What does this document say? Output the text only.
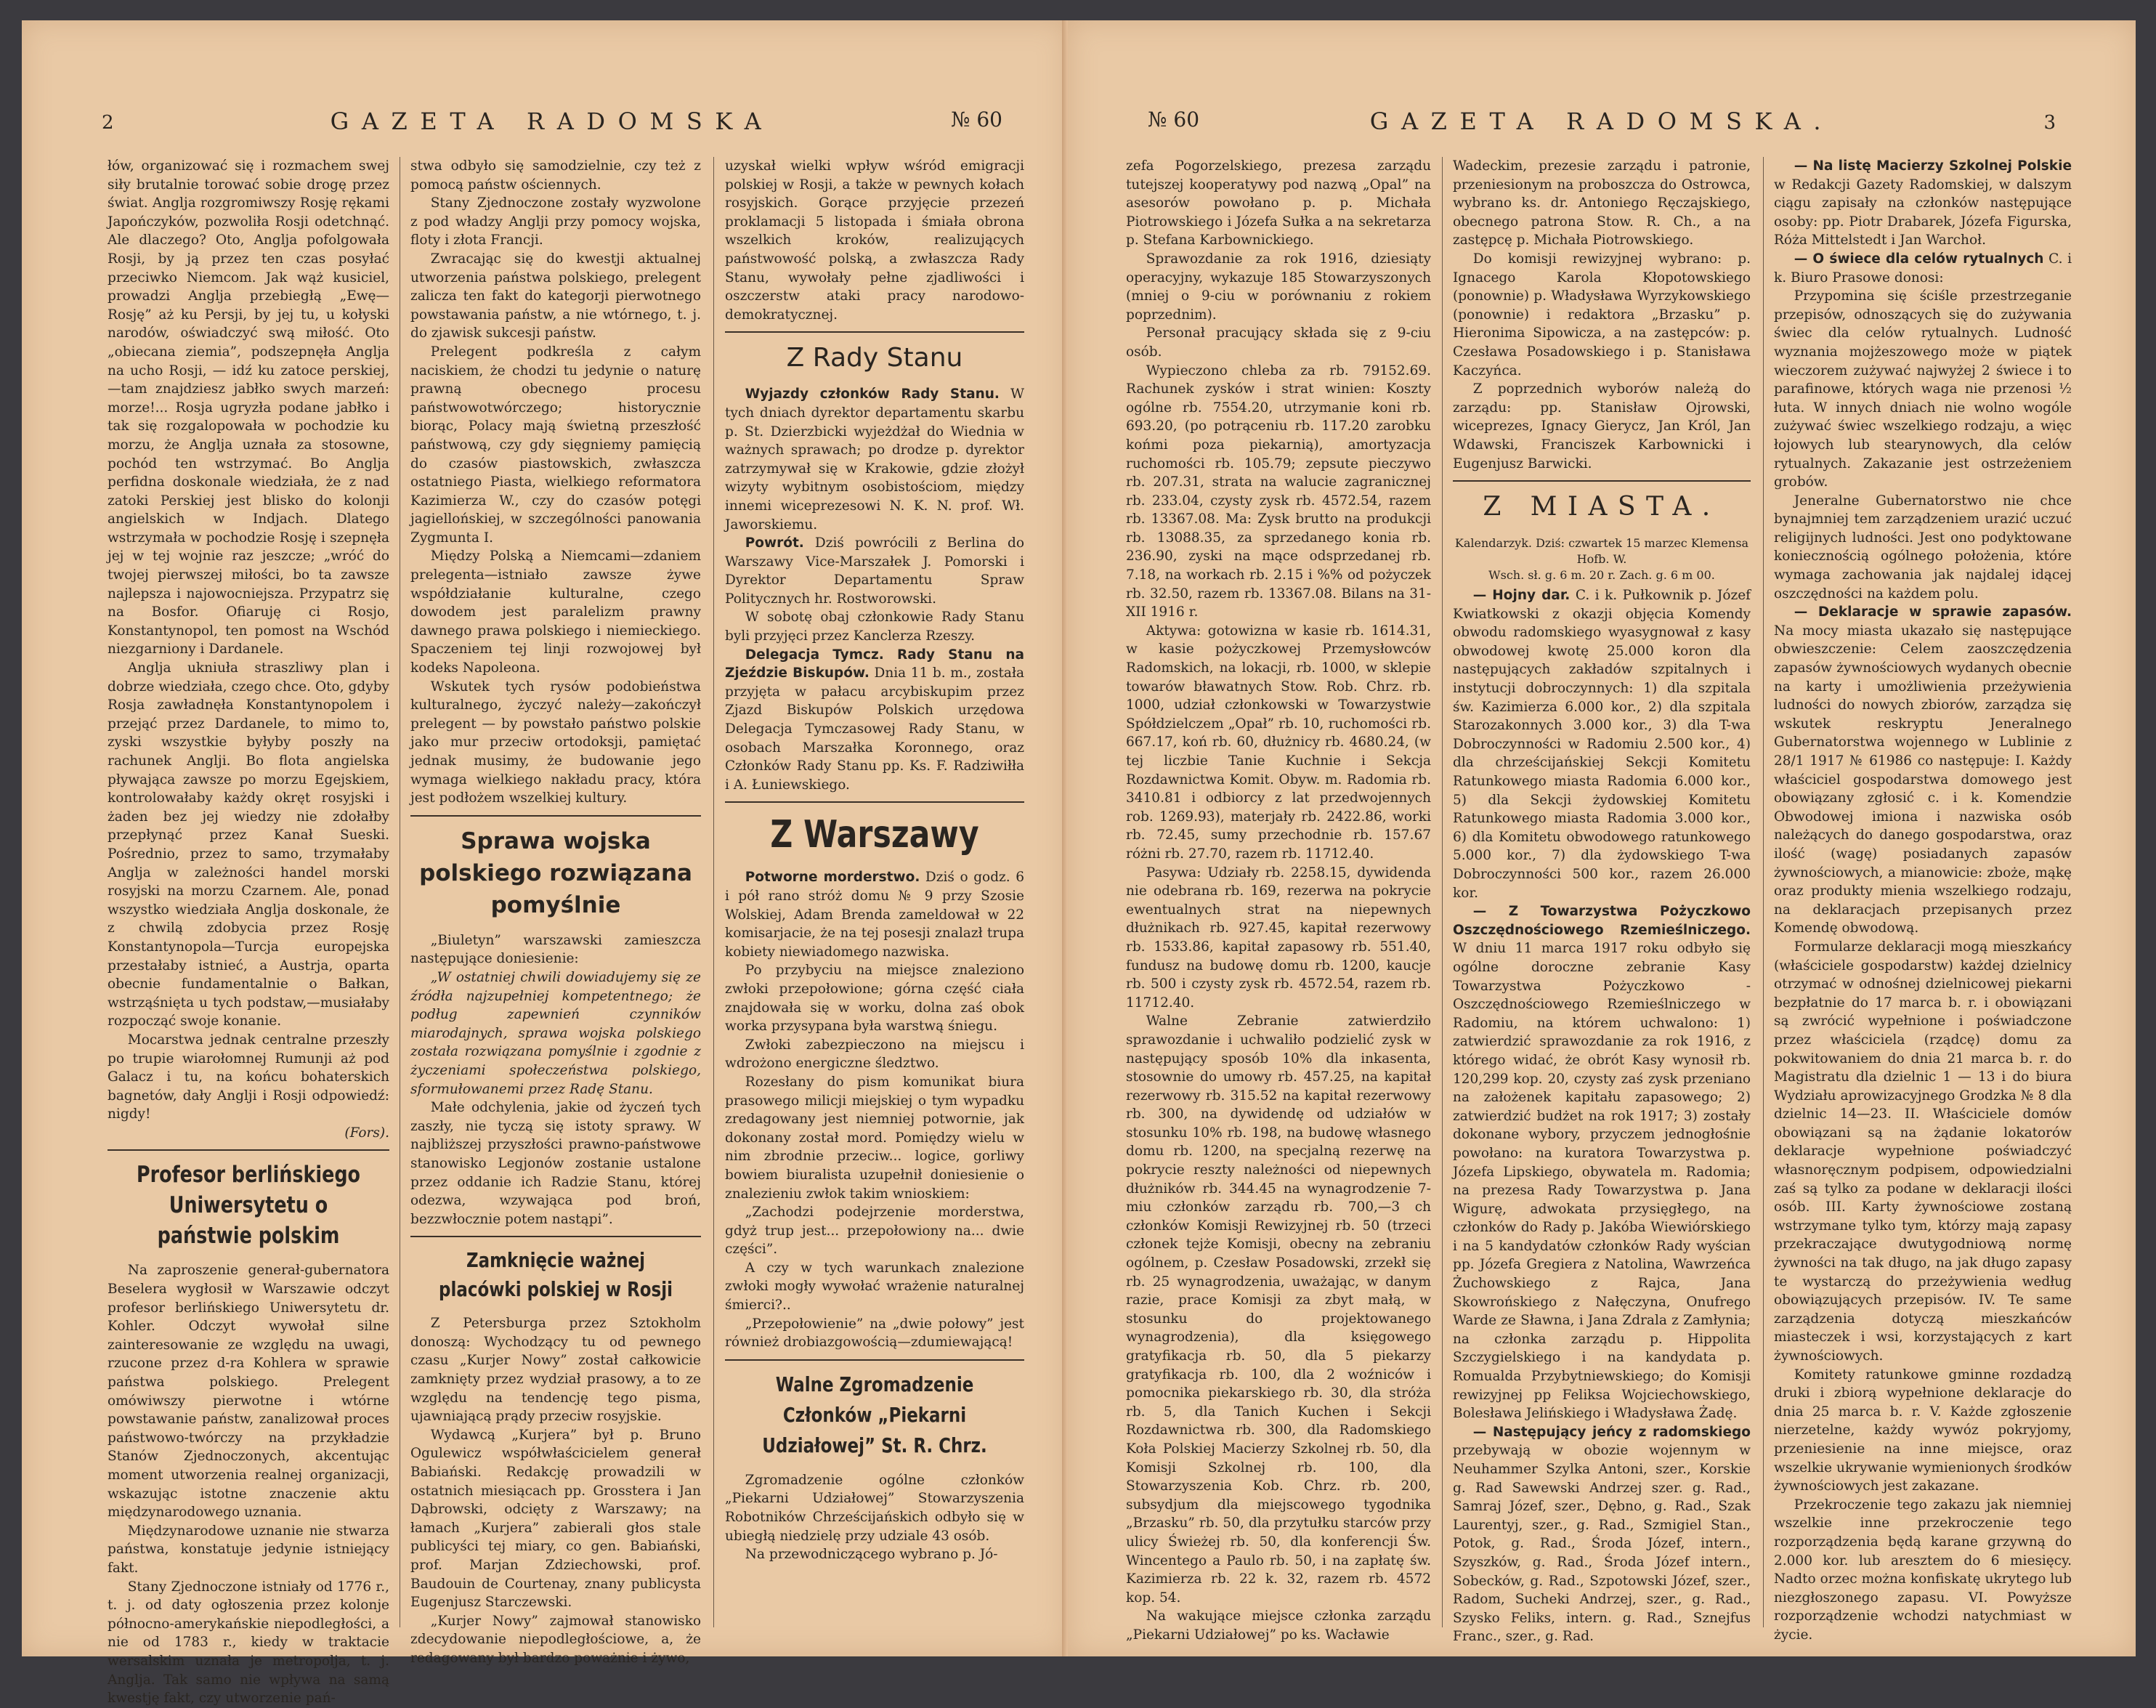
2	GAZETA RADOMSKA	№ 60

łów, organizować się i rozmachem swej siły brutalnie torować sobie drogę przez świat. Anglja rozgromiwszy Rosję rękami Japończyków, pozwoliła Rosji odetchnąć. Ale dlaczego? Oto, Anglja pofolgowała Rosji, by ją przez ten czas posyłać przeciwko Niemcom. Jak wąż kusiciel, prowadzi Anglja przebiegłą „Ewę—Rosję” aż ku Persji, by jej tu, u kołyski narodów, oświadczyć swą miłość. Oto „obiecana ziemia”, podszepnęła Anglja na ucho Rosji, — idź ku zatoce perskiej,—tam znajdziesz jabłko swych marzeń: morze!... Rosja ugryzła podane jabłko i tak się rozgalopowała w pochodzie ku morzu, że Anglja uznała za stosowne, pochód ten wstrzymać. Bo Anglja perfidna doskonale wiedziała, że z nad zatoki Perskiej jest blisko do kolonji angielskich w Indjach. Dlatego wstrzymała w pochodzie Rosję i szepnęła jej w tej wojnie raz jeszcze; „wróć do twojej pierwszej miłości, bo ta zawsze najlepsza i najowocniejsza. Przypatrz się na Bosfor. Ofiaruję ci Rosjo, Konstantynopol, ten pomost na Wschód niezgarniony i Dardanele.

Anglja ukniuła straszliwy plan i dobrze wiedziała, czego chce. Oto, gdyby Rosja zawładnęła Konstantynopolem i przejąć przez Dardanele, to mimo to, zyski wszystkie byłyby poszły na rachunek Anglji. Bo flota angielska pływająca zawsze po morzu Egejskiem, kontrolowałaby każdy okręt rosyjski i żaden bez jej wiedzy nie zdołałby przepłynąć przez Kanał Sueski. Pośrednio, przez to samo, trzymałaby Anglja w zależności handel morski rosyjski na morzu Czarnem. Ale, ponad wszystko wiedziała Anglja doskonale, że z chwilą zdobycia przez Rosję Konstantynopola—Turcja europejska przestałaby istnieć, a Austrja, oparta obecnie fundamentalnie o Bałkan, wstrząśnięta u tych podstaw,—musiałaby rozpocząć swoje konanie.

Mocarstwa jednak centralne przeszły po trupie wiarołomnej Rumunji aż pod Galacz i tu, na końcu bohaterskich bagnetów, dały Anglji i Rosji odpowiedź: nigdy!

(Fors).
Profesor berlińskiego Uniwersytetu o państwie polskim

Na zaproszenie generał-gubernatora Beselera wygłosił w Warszawie odczyt profesor berlińskiego Uniwersytetu dr. Kohler. Odczyt wywołał silne zainteresowanie ze względu na uwagi, rzucone przez d-ra Kohlera w sprawie państwa polskiego. Prelegent omówiwszy pierwotne i wtórne powstawanie państw, zanalizował proces państwowo-twórczy na przykładzie Stanów Zjednoczonych, akcentując moment utworzenia realnej organizacji, wskazując istotne znaczenie aktu międzynarodowego uznania.

Międzynarodowe uznanie nie stwarza państwa, konstatuje jedynie istniejący fakt.

Stany Zjednoczone istniały od 1776 r., t. j. od daty ogłoszenia przez kolonje północno-amerykańskie niepodległości, a nie od 1783 r., kiedy w traktacie wersalskim uznała je metropolja, t. j. Anglja. Tak samo nie wpływa na samą kwestję fakt, czy utworzenie pań-

stwa odbyło się samodzielnie, czy też z pomocą państw ościennych.

Stany Zjednoczone zostały wyzwolone z pod władzy Anglji przy pomocy wojska, floty i złota Francji.

Zwracając się do kwestji aktualnej utworzenia państwa polskiego, prelegent zalicza ten fakt do kategorji pierwotnego powstawania państw, a nie wtórnego, t. j. do zjawisk sukcesji państw.

Prelegent podkreśla z całym naciskiem, że chodzi tu jedynie o naturę prawną obecnego procesu państwowotwórczego; historycznie biorąc, Polacy mają świetną przeszłość państwową, czy gdy sięgniemy pamięcią do czasów piastowskich, zwłaszcza ostatniego Piasta, wielkiego reformatora Kazimierza W., czy do czasów potęgi jagiellońskiej, w szczególności panowania Zygmunta I.

Między Polską a Niemcami—zdaniem prelegenta—istniało zawsze żywe współdziałanie kulturalne, czego dowodem jest paralelizm prawny dawnego prawa polskiego i niemieckiego. Spaczeniem tej linji rozwojowej był kodeks Napoleona.

Wskutek tych rysów podobieństwa kulturalnego, życzyć należy—zakończył prelegent — by powstało państwo polskie jako mur przeciw ortodoksji, pamiętać jednak musimy, że budowanie jego wymaga wielkiego nakładu pracy, która jest podłożem wszelkiej kultury.

Sprawa wojska polskiego rozwiązana pomyślnie

„Biuletyn” warszawski zamieszcza następujące doniesienie:

„W ostatniej chwili dowiadujemy się ze źródła najzupełniej kompetentnego; że podług zapewnień czynników miarodajnych, sprawa wojska polskiego została rozwiązana pomyślnie i zgodnie z życzeniami społeczeństwa polskiego, sformułowanemi przez Radę Stanu.

Małe odchylenia, jakie od życzeń tych zaszły, nie tyczą się istoty sprawy. W najbliższej przyszłości prawno-państwowe stanowisko Legjonów zostanie ustalone przez oddanie ich Radzie Stanu, której odezwa, wzywająca pod broń, bezzwłocznie potem nastąpi”.

Zamknięcie ważnej placówki polskiej w Rosji

Z Petersburga przez Sztokholm donoszą: Wychodzący tu od pewnego czasu „Kurjer Nowy” został całkowicie zamknięty przez wydział prasowy, a to ze względu na tendencję tego pisma, ujawniającą prądy przeciw rosyjskie.

Wydawcą „Kurjera” był p. Bruno Ogulewicz współwłaścicielem generał Babiański. Redakcję prowadzili w ostatnich miesiącach pp. Grosstera i Jan Dąbrowski, odcięty z Warszawy; na łamach „Kurjera” zabierali głos stale publicyści tej miary, co gen. Babiański, prof. Marjan Zdziechowski, prof. Baudouin de Courtenay, znany publicysta Eugenjusz Starczewski.

„Kurjer Nowy” zajmował stanowisko zdecydowanie niepodległościowe, a, że redagowany był bardzo poważnie i żywo,

uzyskał wielki wpływ wśród emigracji polskiej w Rosji, a także w pewnych kołach rosyjskich. Gorące przyjęcie przezeń proklamacji 5 listopada i śmiała obrona wszelkich kroków, realizujących państwowość polską, a zwłaszcza Rady Stanu, wywołały pełne zjadliwości i oszczerstw ataki pracy narodowo-demokratycznej.

Z Rady Stanu

Wyjazdy członków Rady Stanu. W tych dniach dyrektor departamentu skarbu p. St. Dzierzbicki wyjeżdżał do Wiednia w ważnych sprawach; po drodze p. dyrektor zatrzymywał się w Krakowie, gdzie złożył wizyty wybitnym osobistościom, między innemi wiceprezesowi N. K. N. prof. Wł. Jaworskiemu.

Powrót. Dziś powrócili z Berlina do Warszawy Vice-Marszałek J. Pomorski i Dyrektor Departamentu Spraw Politycznych hr. Rostworowski.

W sobotę obaj członkowie Rady Stanu byli przyjęci przez Kanclerza Rzeszy.

Delegacja Tymcz. Rady Stanu na Zjeździe Biskupów. Dnia 11 b. m., została przyjęta w pałacu arcybiskupim przez Zjazd Biskupów Polskich urzędowa Delegacja Tymczasowej Rady Stanu, w osobach Marszałka Koronnego, oraz Członków Rady Stanu pp. Ks. F. Radziwiłła i A. Łuniewskiego.

Z Warszawy

Potworne morderstwo. Dziś o godz. 6 i pół rano stróż domu № 9 przy Szosie Wolskiej, Adam Brenda zameldował w 22 komisarjacie, że na tej posesji znalazł trupa kobiety niewiadomego nazwiska.

Po przybyciu na miejsce znaleziono zwłoki przepołowione; górna część ciała znajdowała się w worku, dolna zaś obok worka przysypana była warstwą śniegu.

Zwłoki zabezpieczono na miejscu i wdrożono energiczne śledztwo.

Rozesłany do pism komunikat biura prasowego milicji miejskiej o tym wypadku zredagowany jest niemniej potwornie, jak dokonany został mord. Pomiędzy wielu w nim zbrodnie przeciw... logice, gorliwy bowiem biuralista uzupełnił doniesienie o znalezieniu zwłok takim wnioskiem:

„Zachodzi podejrzenie morderstwa, gdyż trup jest... przepołowiony na... dwie części”.

A czy w tych warunkach znalezione zwłoki mogły wywołać wrażenie naturalnej śmierci?..

„Przepołowienie” na „dwie połowy” jest również drobiazgowością—zdumiewającą!

Walne Zgromadzenie Członków „Piekarni Udziałowej” St. R. Chrz.

Zgromadzenie ogólne członków „Piekarni Udziałowej” Stowarzyszenia Robotników Chrześcijańskich odbyło się w ubiegłą niedzielę przy udziale 43 osób.

Na przewodniczącego wybrano p. Jó-

№ 60	GAZETA RADOMSKA.	3

zefa Pogorzelskiego, prezesa zarządu tutejszej kooperatywy pod nazwą „Opal” na asesorów powołano p. p. Michała Piotrowskiego i Józefa Sułka a na sekretarza p. Stefana Karbownickiego.

Sprawozdanie za rok 1916, dziesiąty operacyjny, wykazuje 185 Stowarzyszonych (mniej o 9-ciu w porównaniu z rokiem poprzednim).

Personał pracujący składa się z 9-ciu osób.

Wypieczono chleba za rb. 79152.69. Rachunek zysków i strat winien: Koszty ogólne rb. 7554.20, utrzymanie koni rb. 693.20, (po potrąceniu rb. 117.20 zarobku końmi poza piekarnią), amortyzacja ruchomości rb. 105.79; zepsute pieczywo rb. 207.31, strata na walucie zagranicznej rb. 233.04, czysty zysk rb. 4572.54, razem rb. 13367.08. Ma: Zysk brutto na produkcji rb. 13088.35, za sprzedanego konia rb. 236.90, zyski na mące odsprzedanej rb. 7.18, na workach rb. 2.15 i %% od pożyczek rb. 32.50, razem rb. 13367.08. Bilans na 31-XII 1916 r.

Aktywa: gotowizna w kasie rb. 1614.31, w kasie pożyczkowej Przemysłowców Radomskich, na lokacji, rb. 1000, w sklepie towarów bławatnych Stow. Rob. Chrz. rb. 1000, udział członkowski w Towarzystwie Spółdzielczem „Opał” rb. 10, ruchomości rb. 667.17, koń rb. 60, dłużnicy rb. 4680.24, (w tej liczbie Tanie Kuchnie i Sekcja Rozdawnictwa Komit. Obyw. m. Radomia rb. 3410.81 i odbiorcy z lat przedwojennych rob. 1269.93), materjały rb. 2422.86, worki rb. 72.45, sumy przechodnie rb. 157.67 różni rb. 27.70, razem rb. 11712.40.

Pasywa: Udziały rb. 2258.15, dywidenda nie odebrana rb. 169, rezerwa na pokrycie ewentualnych strat na niepewnych dłużnikach rb. 927.45, kapitał rezerwowy rb. 1533.86, kapitał zapasowy rb. 551.40, fundusz na budowę domu rb. 1200, kaucje rb. 500 i czysty zysk rb. 4572.54, razem rb. 11712.40.

Walne Zebranie zatwierdziło sprawozdanie i uchwaliło podzielić zysk w następujący sposób 10% dla inkasenta, stosownie do umowy rb. 457.25, na kapitał rezerwowy rb. 315.52 na kapitał rezerwowy rb. 300, na dywidendę od udziałów w stosunku 10% rb. 198, na budowę własnego domu rb. 1200, na specjalną rezerwę na pokrycie reszty należności od niepewnych dłużników rb. 344.45 na wynagrodzenie 7-miu członków zarządu rb. 700,—3 ch członków Komisji Rewizyjnej rb. 50 (trzeci członek tejże Komisji, obecny na zebraniu ogólnem, p. Czesław Posadowski, zrzekł się rb. 25 wynagrodzenia, uważając, w danym razie, prace Komisji za zbyt małą, w stosunku do projektowanego wynagrodzenia), dla księgowego gratyfikacja rb. 50, dla 5 piekarzy gratyfikacja rb. 100, dla 2 woźniców i pomocnika piekarskiego rb. 30, dla stróża rb. 5, dla Tanich Kuchen i Sekcji Rozdawnictwa rb. 300, dla Radomskiego Koła Polskiej Macierzy Szkolnej rb. 50, dla Komisji Szkolnej rb. 100, dla Stowarzyszenia Kob. Chrz. rb. 200, subsydjum dla miejscowego tygodnika „Brzasku” rb. 50, dla przytułku starców przy ulicy Świeżej rb. 50, dla konferencji Św. Wincentego a Paulo rb. 50, i na zapłatę św. Kazimierza rb. 22 k. 32, razem rb. 4572 kop. 54.

Na wakujące miejsce członka zarządu „Piekarni Udziałowej” po ks. Wacławie

Wadeckim, prezesie zarządu i patronie, przeniesionym na proboszcza do Ostrowca, wybrano ks. dr. Antoniego Ręczajskiego, obecnego patrona Stow. R. Ch., a na zastępcę p. Michała Piotrowskiego.

Do komisji rewizyjnej wybrano: p. Ignacego Karola Kłopotowskiego (ponownie) p. Władysława Wyrzykowskiego (ponownie) i redaktora „Brzasku” p. Hieronima Sipowicza, a na zastępców: p. Czesława Posadowskiego i p. Stanisława Kaczyńca.

Z poprzednich wyborów należą do zarządu: pp. Stanisław Ojrowski, wiceprezes, Ignacy Gierycz, Jan Król, Jan Wdawski, Franciszek Karbownicki i Eugenjusz Barwicki.

Z MIASTA.
Kalendarzyk. Dziś: czwartek 15 marzec Klemensa Hofb. W.
Wsch. sł. g. 6 m. 20 r. Zach. g. 6 m 00.

— Hojny dar. C. i k. Pułkownik p. Józef Kwiatkowski z okazji objęcia Komendy obwodu radomskiego wyasygnował z kasy obwodowej kwotę 25.000 koron dla następujących zakładów szpitalnych i instytucji dobroczynnych: 1) dla szpitala św. Kazimierza 6.000 kor., 2) dla szpitala Starozakonnych 3.000 kor., 3) dla T-wa Dobroczynności w Radomiu 2.500 kor., 4) dla chrześcijańskiej Sekcji Komitetu Ratunkowego miasta Radomia 6.000 kor., 5) dla Sekcji żydowskiej Komitetu Ratunkowego miasta Radomia 3.000 kor., 6) dla Komitetu obwodowego ratunkowego 5.000 kor., 7) dla żydowskiego T-wa Dobroczynności 500 kor., razem 26.000 kor.

— Z Towarzystwa Pożyczkowo Oszczędnościowego Rzemieślniczego. W dniu 11 marca 1917 roku odbyło się ogólne doroczne zebranie Kasy Towarzystwa Pożyczkowo - Oszczędnościowego Rzemieślniczego w Radomiu, na którem uchwalono: 1) zatwierdzić sprawozdanie za rok 1916, z którego widać, że obrót Kasy wynosił rb. 120,299 kop. 20, czysty zaś zysk przeniano na założenek kapitału zapasowego; 2) zatwierdzić budżet na rok 1917; 3) zostały dokonane wybory, przyczem jednogłośnie powołano: na kuratora Towarzystwa p. Józefa Lipskiego, obywatela m. Radomia; na prezesa Rady Towarzystwa p. Jana Wigurę, adwokata przysięgłego, na członków do Rady p. Jakóba Wiewiórskiego i na 5 kandydatów członków Rady wyścian pp. Józefa Gregiera z Natolina, Wawrzeńca Żuchowskiego z Rajca, Jana Skowrońskiego z Nałęczyna, Onufrego Warde ze Sławna, i Jana Zdrala z Zamłynia; na członka zarządu p. Hippolita Szczygielskiego i na kandydata p. Romualda Przybytniewskiego; do Komisji rewizyjnej pp Feliksa Wojciechowskiego, Bolesława Jelińskiego i Władysława Żadę.

— Następujący jeńcy z radomskiego przebywają w obozie wojennym w Neuhammer Szylka Antoni, szer., Korskie g. Rad Sawewski Andrzej szer. g. Rad., Samraj Józef, szer., Dębno, g. Rad., Szak Laurentyj, szer., g. Rad., Szmigiel Stan., Potok, g. Rad., Środa Józef, intern., Szyszków, g. Rad., Środa Józef intern., Sobecków, g. Rad., Szpotowski Józef, szer., Radom, Sucheki Andrzej, szer., g. Rad., Szysko Feliks, intern. g. Rad., Sznejfus Franc., szer., g. Rad.

— Na listę Macierzy Szkolnej Polskie w Redakcji Gazety Radomskiej, w dalszym ciągu zapisały na członków następujące osoby: pp. Piotr Drabarek, Józefa Figurska, Róża Mittelstedt i Jan Warchoł.

— O świece dla celów rytualnych C. i k. Biuro Prasowe donosi:

Przypomina się ściśle przestrzeganie przepisów, odnoszących się do zużywania świec dla celów rytualnych. Ludność wyznania mojżeszowego może w piątek wieczorem zużywać najwyżej 2 świece i to parafinowe, których waga nie przenosi ½ łuta. W innych dniach nie wolno wogóle zużywać świec wszelkiego rodzaju, a więc łojowych lub stearynowych, dla celów rytualnych. Zakazanie jest ostrzeżeniem grobów.

Jeneralne Gubernatorstwo nie chce bynajmniej tem zarządzeniem urazić uczuć religijnych ludności. Jest ono podyktowane koniecznością ogólnego położenia, które wymaga zachowania jak najdalej idącej oszczędności na każdem polu.

— Deklaracje w sprawie zapasów. Na mocy miasta ukazało się następujące obwieszczenie: Celem zaoszczędzenia zapasów żywnościowych wydanych obecnie na karty i umożliwienia przeżywienia ludności do nowych zbiorów, zarządza się wskutek reskryptu Jeneralnego Gubernatorstwa wojennego w Lublinie z 28/1 1917 № 61986 co następuje: I. Każdy właściciel gospodarstwa domowego jest obowiązany zgłosić c. i k. Komendzie Obwodowej imiona i nazwiska osób należących do danego gospodarstwa, oraz ilość (wagę) posiadanych zapasów żywnościowych, a mianowicie: zboże, mąkę oraz produkty mienia wszelkiego rodzaju, na deklaracjach przepisanych przez Komendę obwodową.

Formularze deklaracji mogą mieszkańcy (właściciele gospodarstw) każdej dzielnicy otrzymać w odnośnej dzielnicowej piekarni bezpłatnie do 17 marca b. r. i obowiązani są zwrócić wypełnione i poświadczone przez właściciela (rządcę) domu za pokwitowaniem do dnia 21 marca b. r. do Magistratu dla dzielnic 1 — 13 i do biura Wydziału aprowizacyjnego Grodzka № 8 dla dzielnic 14—23. II. Właściciele domów obowiązani są na żądanie lokatorów deklaracje wypełnione poświadczyć własnoręcznym podpisem, odpowiedzialni zaś są tylko za podane w deklaracji ilości osób. III. Karty żywnościowe zostaną wstrzymane tylko tym, którzy mają zapasy przekraczające dwutygodniową normę żywności na tak długo, na jak długo zapasy te wystarczą do przeżywienia według obowiązujących przepisów. IV. Te same zarządzenia dotyczą mieszkańców miasteczek i wsi, korzystających z kart żywnościowych.

Komitety ratunkowe gminne rozdadzą druki i zbiorą wypełnione deklaracje do dnia 25 marca b. r. V. Każde zgłoszenie nierzetelne, każdy wywóz pokryjomy, przeniesienie na inne miejsce, oraz wszelkie ukrywanie wymienionych środków żywnościowych jest zakazane.

Przekroczenie tego zakazu jak niemniej wszelkie inne przekroczenie tego rozporządzenia będą karane grzywną do 2.000 kor. lub aresztem do 6 miesięcy. Nadto orzec można konfiskatę ukrytego lub niezgłoszonego zapasu. VI. Powyższe rozporządzenie wchodzi natychmiast w życie.
